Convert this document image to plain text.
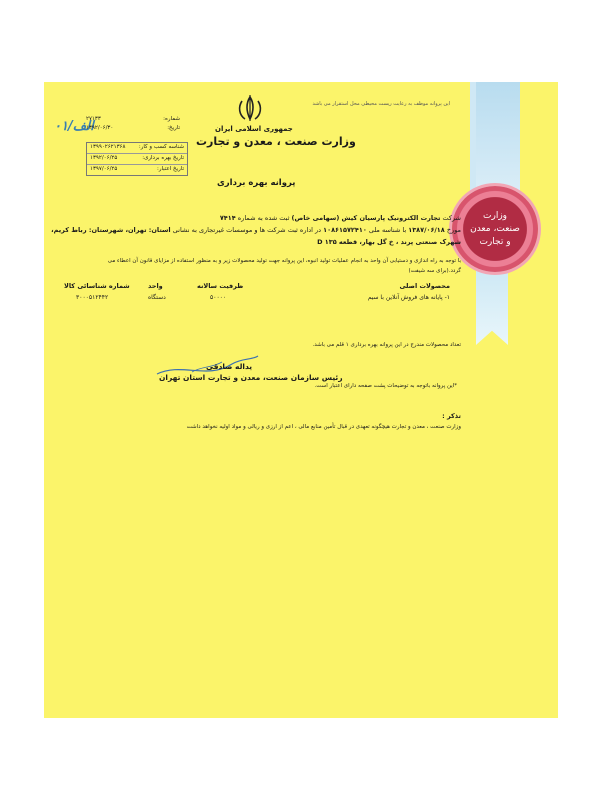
وزارت
صنعت، معدن
و تجارت
این پروانه موظف به رعایت ریست محیطی محل استقرار می باشد
جمهوری اسلامی ایران
وزارت صنعت ، معدن و تجارت
۰۱/الف	شماره:
۲۷۱۳۳
تاریخ:
۱۳۹۲/۰۶/۳۰
شناسه کسب و کار:
۱۳۹۹۰۲۶۲۱۳۶۸
تاریخ بهره برداری:
۱۳۹۲/۰۶/۲۵
تاریخ اعتبار:
۱۳۹۷/۰۶/۲۵
پروانه بهره برداری
شرکت تجارت الکترونیک پارسیان کیش (سهامی خاص) ثبت شده به شماره ۷۴۱۴
مورخ ۱۳۸۷/۰۶/۱۸ با شناسه ملی ۱۰۸۶۱۵۷۲۴۱۰ در اداره ثبت شرکت ها و موسسات غیرتجاری به نشانی استان: تهران، شهرستان: رباط کریم،
شهرک صنعتی پرند ، خ گل بهار، قطعه ۱۳۵ D
با توجه به راه اندازی و دستیابی آن واحد به انجام عملیات تولید انبوه، این پروانه جهت تولید محصولات زیر و به منظور استفاده از مزایای قانون آن اعطاء می
گردد.(برای سه شیفت)
محصولات اصلی
ظرفیت سالانه
واحد
شماره شناسائی کالا
۱- پایانه های فروش آنلاین با سیم
۵۰۰۰۰
دستگاه
۳۰۰۰۵۱۲۴۴۲
تعداد محصولات مندرج در این پروانه بهره برداری ۱ قلم می باشد.
یداله صادقی
رئیس سازمان صنعت، معدن و تجارت استان تهران
*این پروانه باتوجه به توضیحات پشت صفحه دارای اعتبار است.
تذکر :
وزارت صنعت ، معدن و تجارت هیچگونه تعهدی در قبال تأمین منابع مالی ، اعم از ارزی و ریالی و مواد اولیه نخواهد داشت
